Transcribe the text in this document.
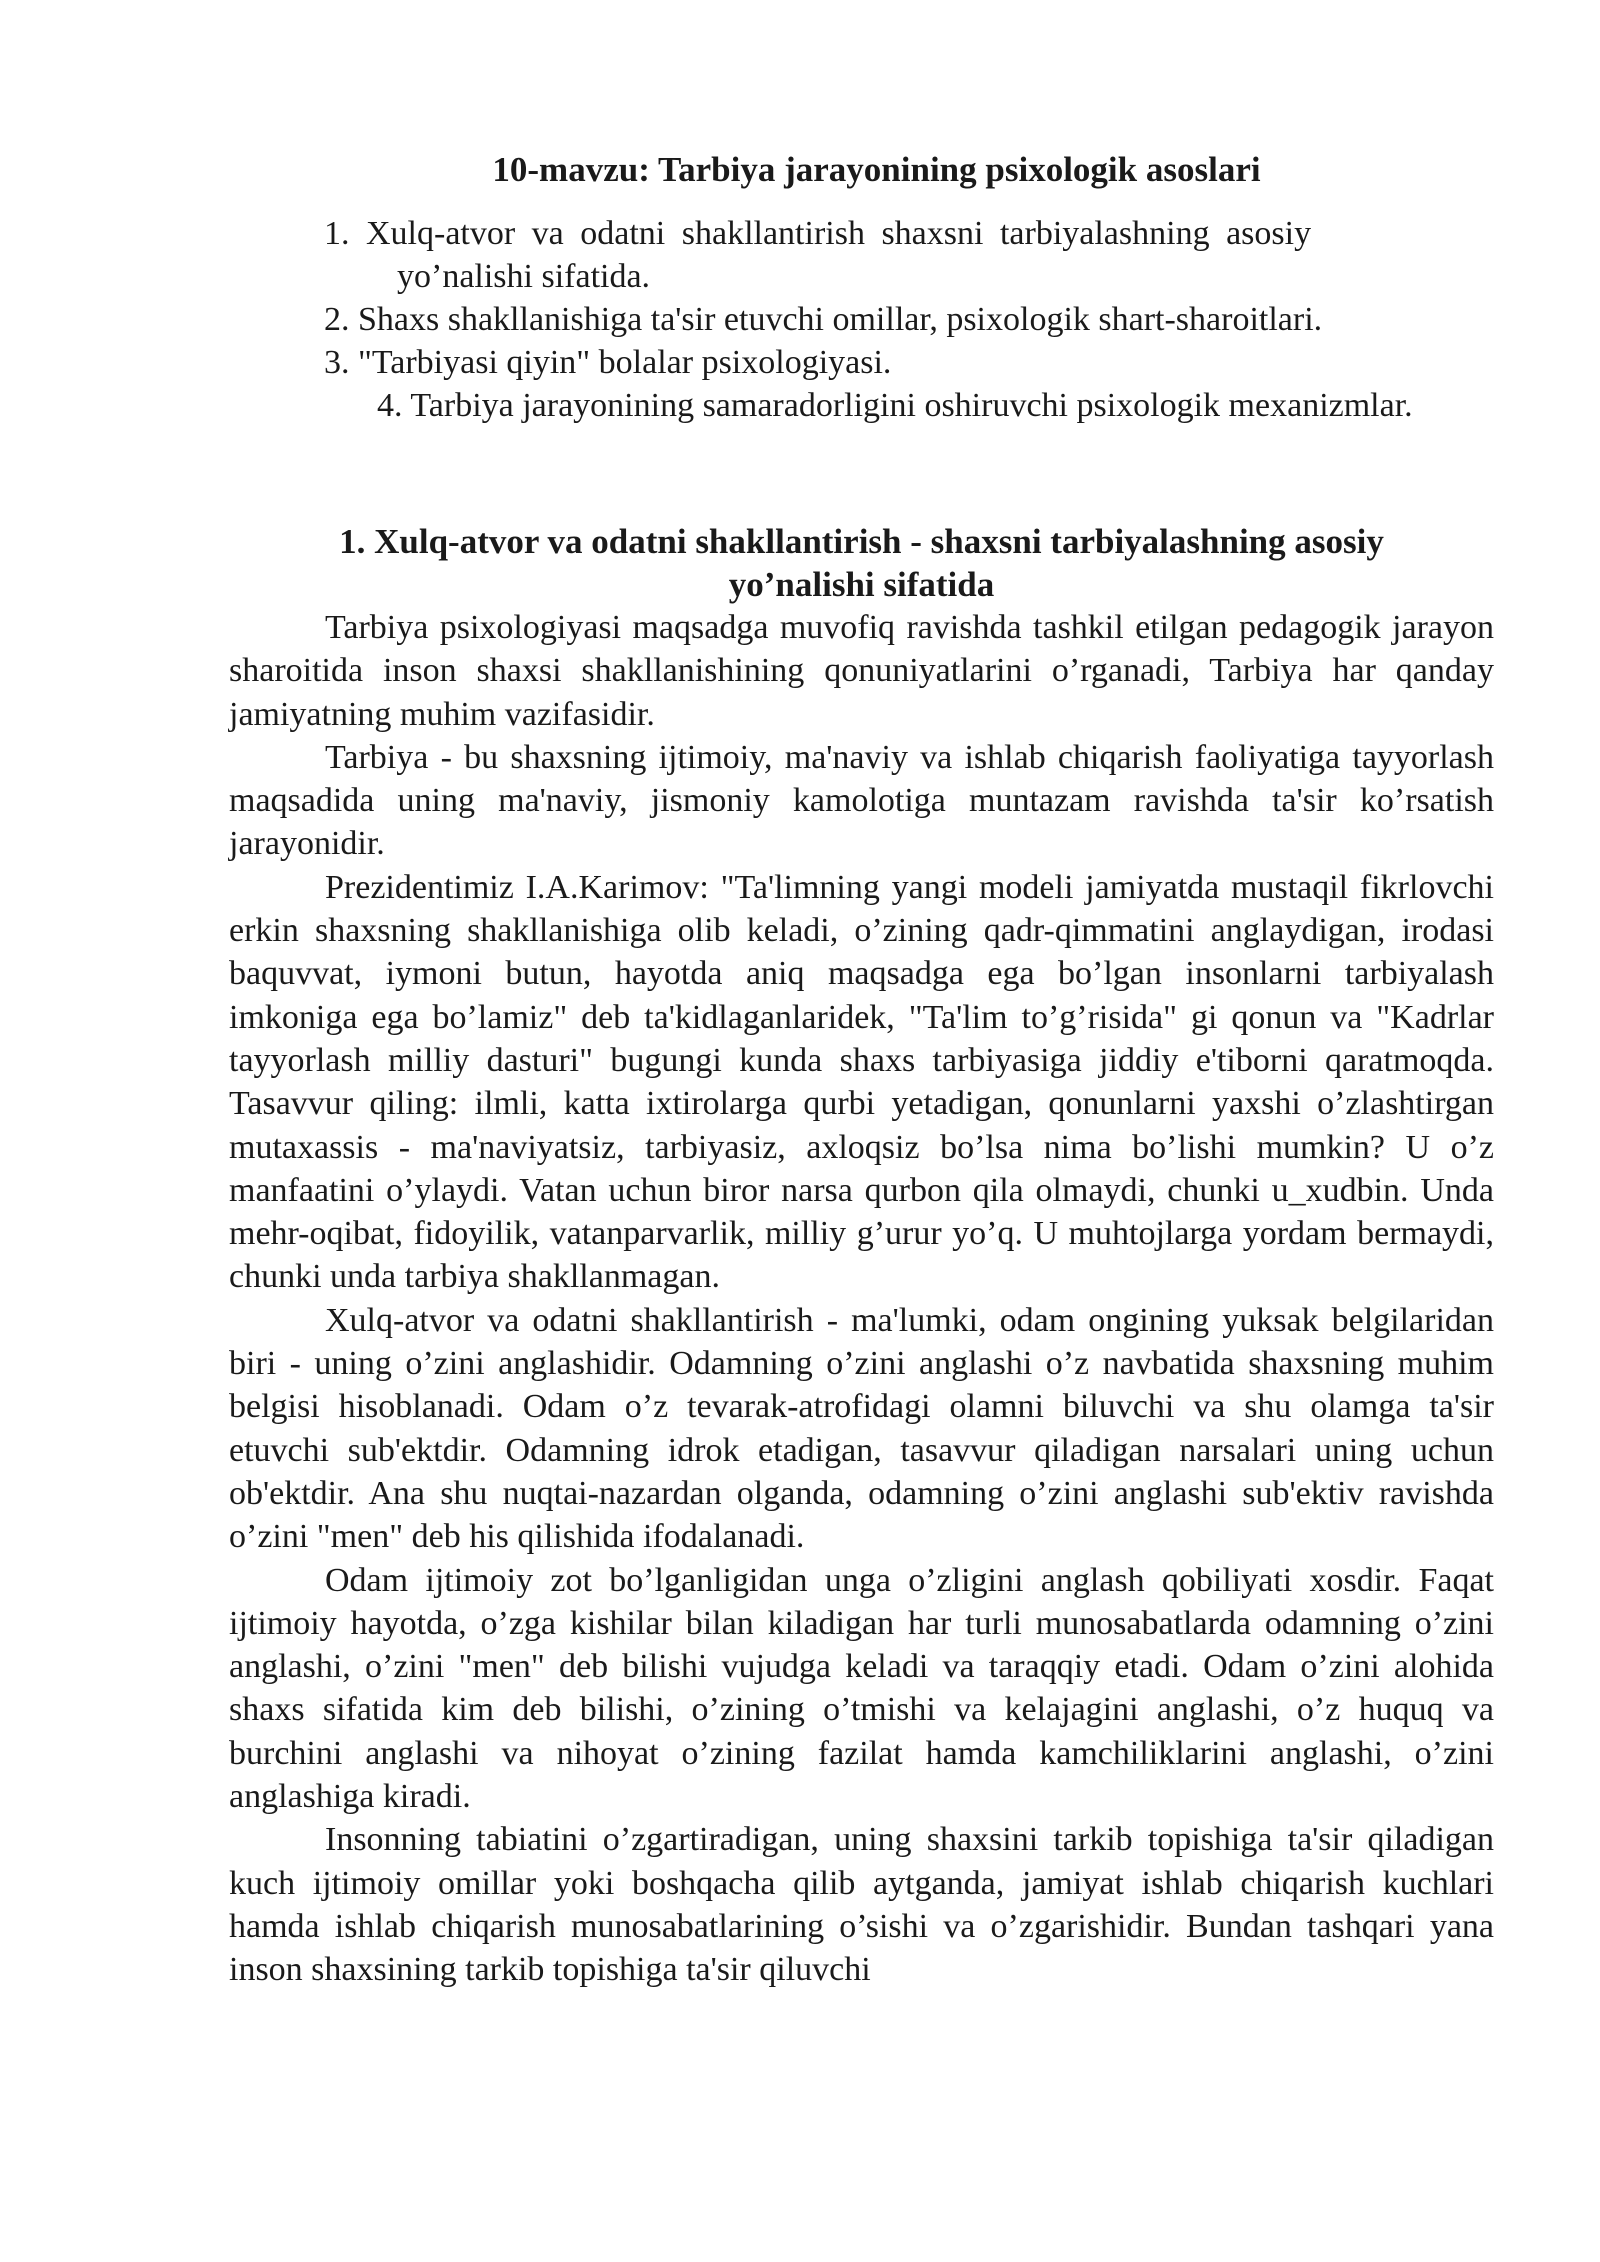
10-mavzu: Tarbiya jarayonining psixologik asoslari

1. Xulq-atvor va odatni shakllantirish shaxsni tarbiyalashning asosiy
yo’nalishi sifatida.

2. Shaxs shakllanishiga ta'sir etuvchi omillar, psixologik shart-sharoitlari.

3. "Tarbiyasi qiyin" bolalar psixologiyasi.

4. Tarbiya jarayonining samaradorligini oshiruvchi psixologik mexanizmlar.

1. Xulq-atvor va odatni shakllantirish - shaxsni tarbiyalashning asosiy
yo’nalishi sifatida

Tarbiya psixologiyasi maqsadga muvofiq ravishda tashkil etilgan pedagogik jarayon sharoitida inson shaxsi shakllanishining qonuniyatlarini o’rganadi, Tarbiya har qanday jamiyatning muhim vazifasidir.

Tarbiya - bu shaxsning ijtimoiy, ma'naviy va ishlab chiqarish faoliyatiga tayyorlash maqsadida uning ma'naviy, jismoniy kamolotiga muntazam ravishda ta'sir ko’rsatish jarayonidir.

Prezidentimiz I.A.Karimov: "Ta'limning yangi modeli jamiyatda mustaqil fikrlovchi erkin shaxsning shakllanishiga olib keladi, o’zining qadr-qimmatini anglaydigan, irodasi baquvvat, iymoni butun, hayotda aniq maqsadga ega bo’lgan insonlarni tarbiyalash imkoniga ega bo’lamiz" deb ta'kidlaganlaridek, "Ta'lim to’g’risida" gi qonun va "Kadrlar tayyorlash milliy dasturi" bugungi kunda shaxs tarbiyasiga jiddiy e'tiborni qaratmoqda. Tasavvur qiling: ilmli, katta ixtirolarga qurbi yetadigan, qonunlarni yaxshi o’zlashtirgan mutaxassis - ma'naviyatsiz, tarbiyasiz, axloqsiz bo’lsa nima bo’lishi mumkin? U o’z manfaatini o’ylaydi. Vatan uchun biror narsa qurbon qila olmaydi, chunki u_xudbin. Unda mehr-oqibat, fidoyilik, vatanparvarlik, milliy g’urur yo’q. U muhtojlarga yordam bermaydi, chunki unda tarbiya shakllanmagan.

Xulq-atvor va odatni shakllantirish - ma'lumki, odam ongining yuksak belgilaridan biri - uning o’zini anglashidir. Odamning o’zini anglashi o’z navbatida shaxsning muhim belgisi hisoblanadi. Odam o’z tevarak-atrofidagi olamni biluvchi va shu olamga ta'sir etuvchi sub'ektdir. Odamning idrok etadigan, tasavvur qiladigan narsalari uning uchun ob'ektdir. Ana shu nuqtai-nazardan olganda, odamning o’zini anglashi sub'ektiv ravishda o’zini "men" deb his qilishida ifodalanadi.

Odam ijtimoiy zot bo’lganligidan unga o’zligini anglash qobiliyati xosdir. Faqat ijtimoiy hayotda, o’zga kishilar bilan kiladigan har turli munosabatlarda odamning o’zini anglashi, o’zini "men" deb bilishi vujudga keladi va taraqqiy etadi. Odam o’zini alohida shaxs sifatida kim deb bilishi, o’zining o’tmishi va kelajagini anglashi, o’z huquq va burchini anglashi va nihoyat o’zining fazilat hamda kamchiliklarini anglashi, o’zini anglashiga kiradi.

Insonning tabiatini o’zgartiradigan, uning shaxsini tarkib topishiga ta'sir qiladigan kuch ijtimoiy omillar yoki boshqacha qilib aytganda, jamiyat ishlab chiqarish kuchlari hamda ishlab chiqarish munosabatlarining o’sishi va o’zgarishidir. Bundan tashqari yana inson shaxsining tarkib topishiga ta'sir qiluvchi
